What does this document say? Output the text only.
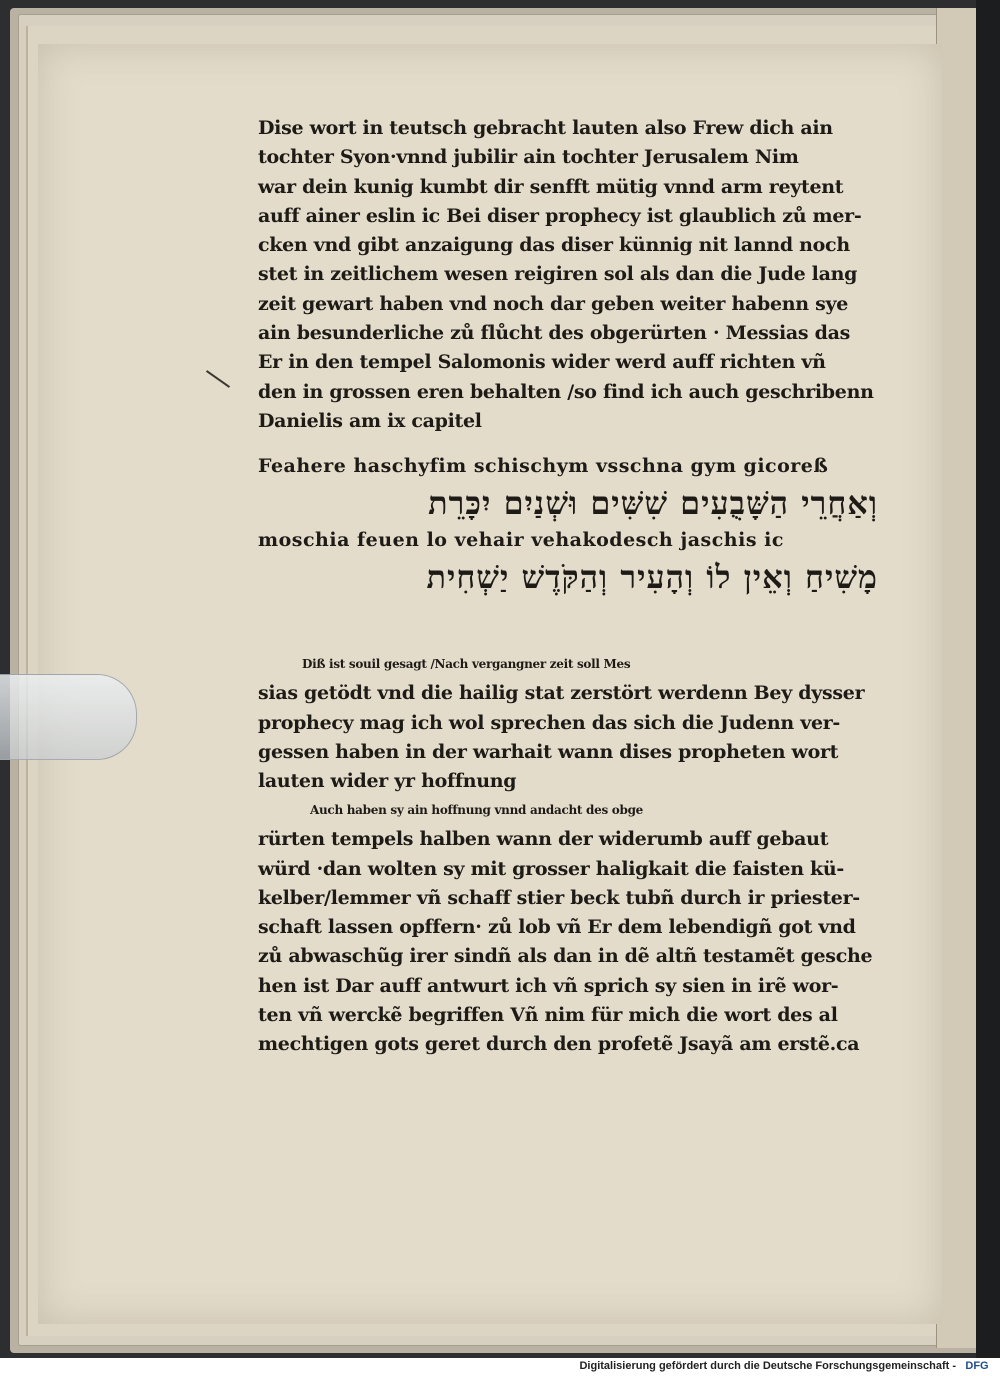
Dise wort in teutsch gebracht lauten also Frew dich ain
tochter Syon·vnnd jubilir ain tochter Jerusalem Nim
war dein kunig kumbt dir senfft mütig vnnd arm reytent
auff ainer eslin ic Bei diser prophecy ist glaublich zů mer-
cken vnd gibt anzaigung das diser künnig nit lannd noch
stet in zeitlichem wesen reigiren sol als dan die Jude lang
zeit gewart haben vnd noch dar geben weiter habenn sye
ain besunderliche zů flůcht des obgerürten · Messias das
Er in den tempel Salomonis wider werd auff richten vñ
den in grossen eren behalten /so find ich auch geschribenn
Danielis am ix capitel
Feahere haschyfim schischym vsschna gym gicoreß
וְאַחֲרֵי הַשָּׁבֻעִים שִׁשִּׁים וּשְׁנַיִם יִכָּרֵת
moschia feuen lo vehair vehakodesch jaschis ic
מָשִׁיחַ וְאֵין לוֹ וְהָעִיר וְהַקֹּדֶשׁ יַשְׁחִית
Diß ist souil gesagt /Nach vergangner zeit soll Mes
sias getödt vnd die hailig stat zerstört werdenn Bey dysser
prophecy mag ich wol sprechen das sich die Judenn ver-
gessen haben in der warhait wann dises propheten wort
lauten wider yr hoffnung
Auch haben sy ain hoffnung vnnd andacht des obge
rürten tempels halben wann der widerumb auff gebaut
würd ·dan wolten sy mit grosser haligkait die faisten kü-
kelber/lemmer vñ schaff stier beck tubñ durch ir priester-
schaft lassen opffern· zů lob vñ Er dem lebendigñ got vnd
zů abwaschũg irer sindñ als dan in dẽ altñ testamẽt gesche
hen ist Dar auff antwurt ich vñ sprich sy sien in irẽ wor-
ten vñ werckẽ begriffen Vñ nim für mich die wort des al
mechtigen gots geret durch den profetẽ Jsayã am erstẽ.ca
Digitalisierung gefördert durch die Deutsche Forschungsgemeinschaft - DFG
